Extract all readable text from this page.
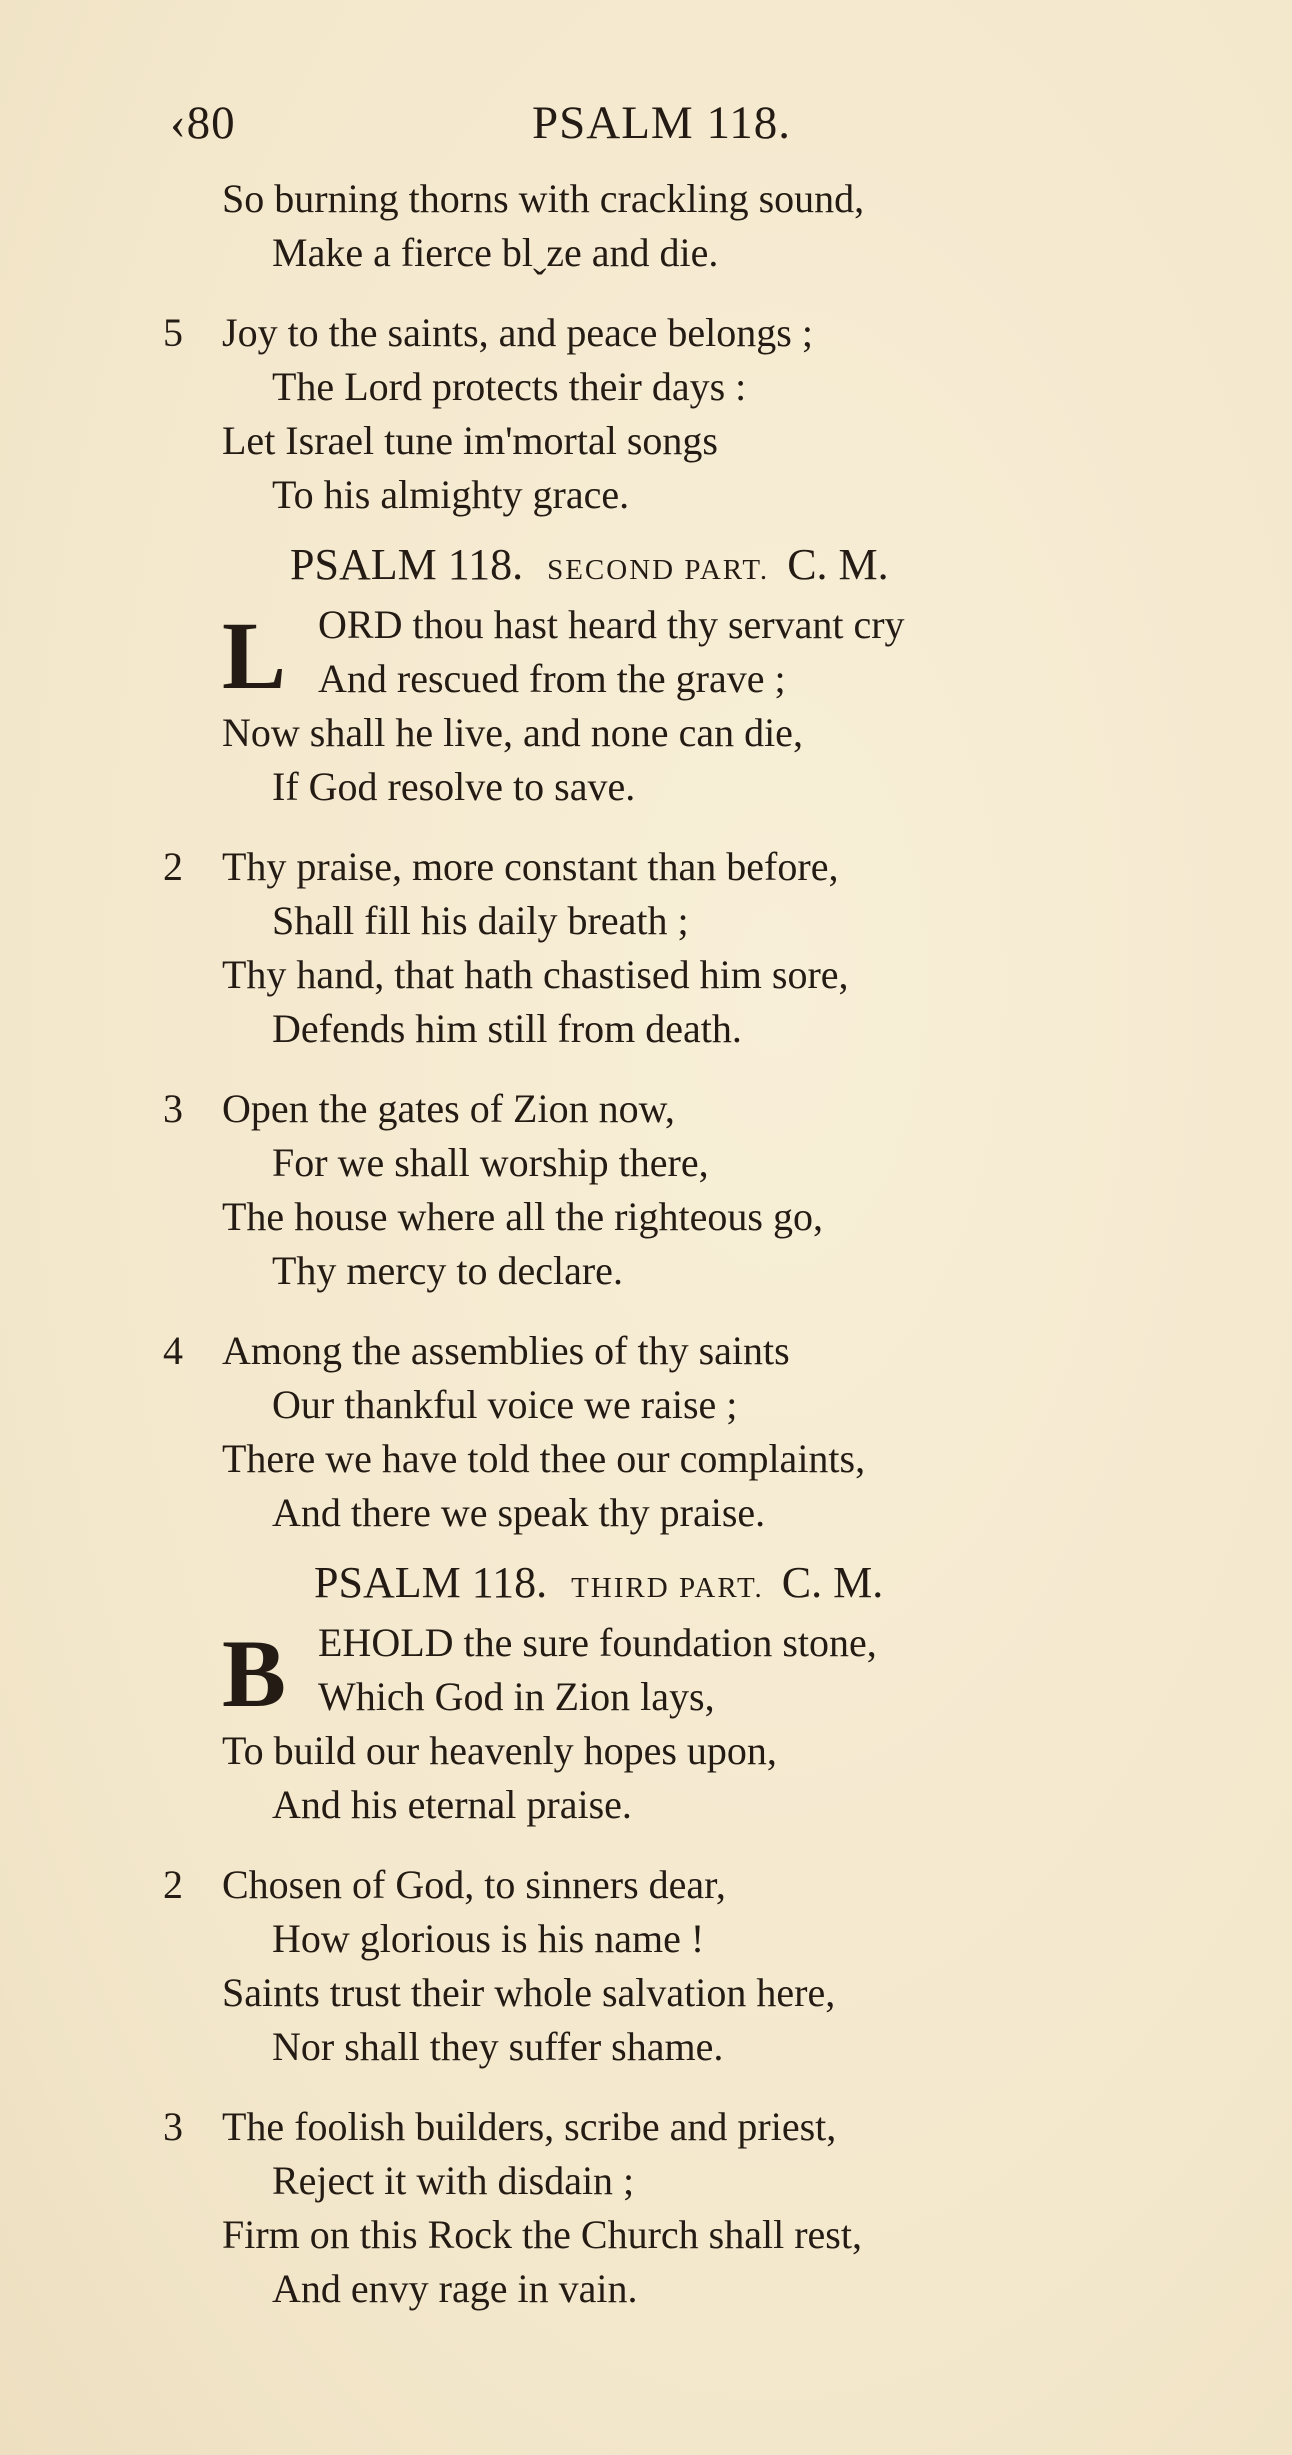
‹80	PSALM 118.
So burning thorns with crackling sound,
Make a fierce blˬze and die.
5 Joy to the saints, and peace belongs ;
The Lord protects their days :
Let Israel tune im'mortal songs
To his almighty grace.
PSALM 118. SECOND PART. C. M.
L ORD thou hast heard thy servant cry
And rescued from the grave ;
Now shall he live, and none can die,
If God resolve to save.
2 Thy praise, more constant than before,
Shall fill his daily breath ;
Thy hand, that hath chastised him sore,
Defends him still from death.
3 Open the gates of Zion now,
For we shall worship there,
The house where all the righteous go,
Thy mercy to declare.
4 Among the assemblies of thy saints
Our thankful voice we raise ;
There we have told thee our complaints,
And there we speak thy praise.
PSALM 118. THIRD PART. C. M.
B EHOLD the sure foundation stone,
Which God in Zion lays,
To build our heavenly hopes upon,
And his eternal praise.
2 Chosen of God, to sinners dear,
How glorious is his name !
Saints trust their whole salvation here,
Nor shall they suffer shame.
3 The foolish builders, scribe and priest,
Reject it with disdain ;
Firm on this Rock the Church shall rest,
And envy rage in vain.
